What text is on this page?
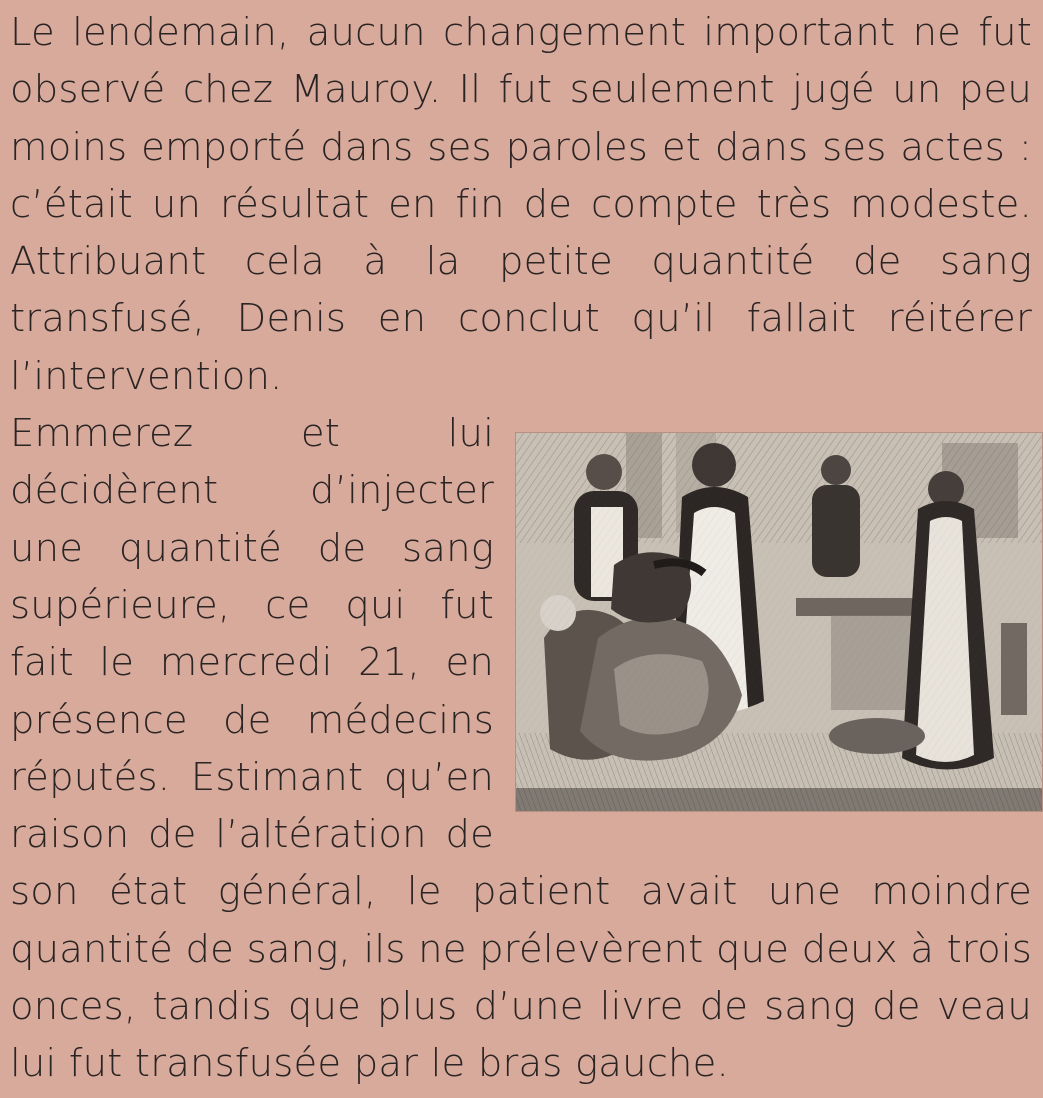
Le lendemain, aucun changement important ne fut observé chez Mauroy. Il fut seulement jugé un peu moins emporté dans ses paroles et dans ses actes : c’était un résultat en fin de compte très modeste. Attribuant cela à la petite quantité de sang transfusé, Denis en conclut qu’il fallait réitérer l’intervention.

Emmerez et lui décidèrent d’injecter une quantité de sang supérieure, ce qui fut fait le mercredi 21, en présence de médecins réputés. Estimant qu’en raison de l’altération de son état général, le patient avait une moindre quantité de sang, ils ne prélevèrent que deux à trois onces, tandis que plus d’une livre de sang de veau lui fut transfusée par le bras gauche.
